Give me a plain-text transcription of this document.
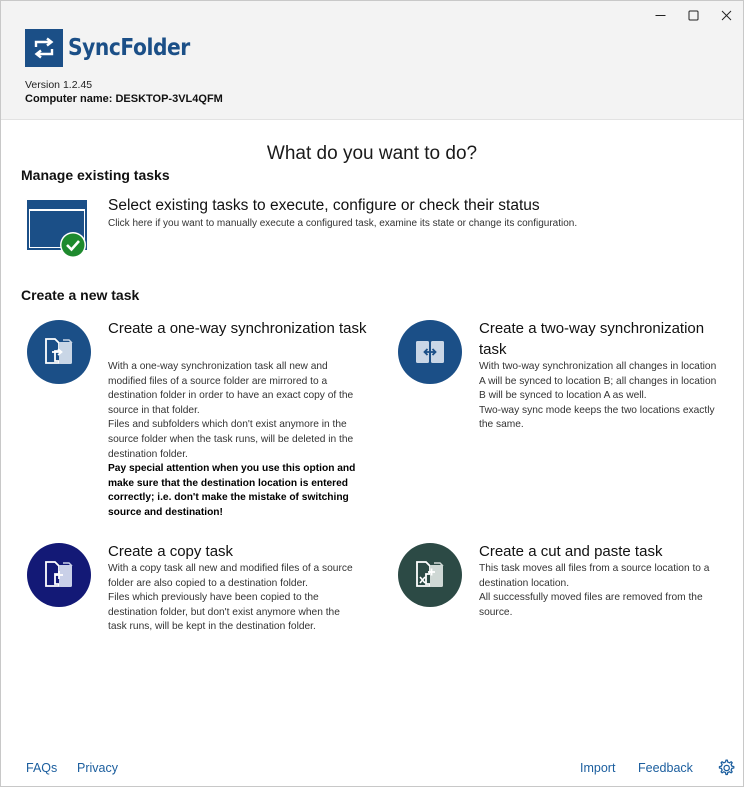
SyncFolder
Version 1.2.45
Computer name: DESKTOP-3VL4QFM
What do you want to do?
Manage existing tasks
Select existing tasks to execute, configure or check their status
Click here if you want to manually execute a configured task, examine its state or change its configuration.
Create a new task
Create a one-way synchronization task

With a one-way synchronization task all new and modified files of a source folder are mirrored to a destination folder in order to have an exact copy of the source in that folder.

Files and subfolders which don't exist anymore in the source folder when the task runs, will be deleted in the destination folder.

Pay special attention when you use this option and make sure that the destination location is entered correctly; i.e. don't make the mistake of switching source and destination!

Create a two-way synchronization task

With two-way synchronization all changes in location A will be synced to location B; all changes in location B will be synced to location A as well.

Two-way sync mode keeps the two locations exactly the same.

Create a copy task

With a copy task all new and modified files of a source folder are also copied to a destination folder.

Files which previously have been copied to the destination folder, but don't exist anymore when the task runs, will be kept in the destination folder.

Create a cut and paste task

This task moves all files from a source location to a destination location.

All successfully moved files are removed from the source.

FAQs Privacy	Import Feedback
